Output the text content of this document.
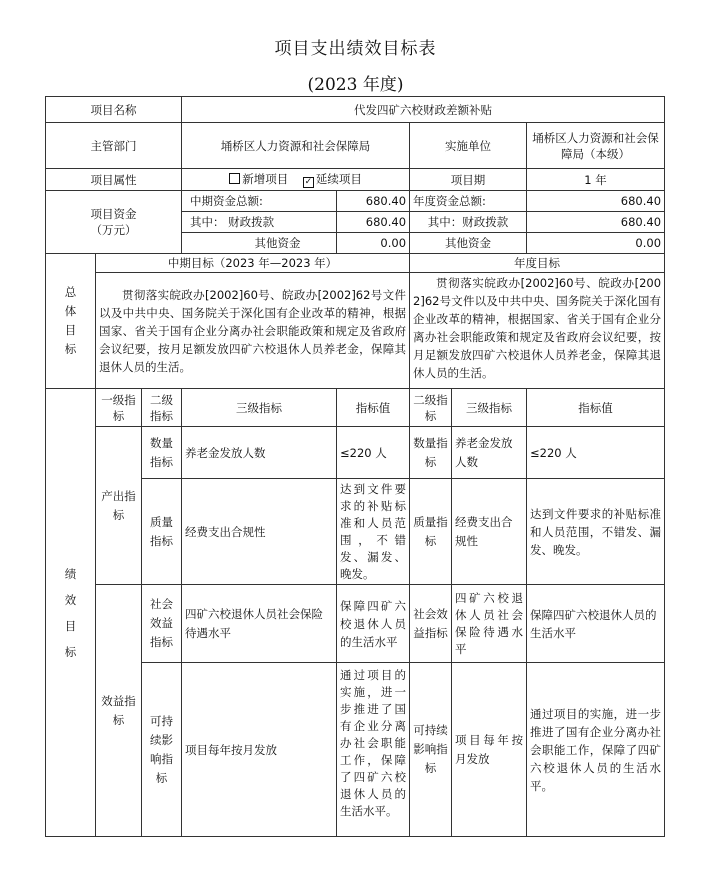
项目支出绩效目标表
(2023 年度)
项目名称			代发四矿六校财政差额补贴				
主管部门			埇桥区人力资源和社会保障局		实施单位		埇桥区人力资源和社会保障局（本级）
项目属性			新增项目 ✓ 延续项目		项目期		1 年
项目资金
（万元）			中期资金总额:	680.40	年度资金总额:		680.40
			其中： 财政拨款	680.40	其中：财政拨款		680.40
			其他资金	0.00	其他资金		0.00
总体目标	中期目标（2023 年—2023 年）				年度目标		
	贯彻落实皖政办[2002]60号、皖政办[2002]62号文件以及中共中央、国务院关于深化国有企业改革的精神，根据国家、省关于国有企业分离办社会职能政策和规定及省政府会议纪要，按月足额发放四矿六校退休人员养老金，保障其退休人员的生活。				贯彻落实皖政办[2002]60号、皖政办[2002]62号文件以及中共中央、国务院关于深化国有企业改革的精神，根据国家、省关于国有企业分离办社会职能政策和规定及省政府会议纪要，按月足额发放四矿六校退休人员养老金，保障其退休人员的生活。		
绩效目标	一级指标	二级指标	三级指标	指标值	二级指标	三级指标	指标值
	产出指标	数量指标	养老金发放人数	≤220 人	数量指标	养老金发放人数	≤220 人
		质量指标	经费支出合规性	达到文件要求的补贴标准和人员范围，不错发、漏发、晚发。	质量指标	经费支出合规性	达到文件要求的补贴标准和人员范围，不错发、漏发、晚发。
	效益指标	社会效益指标	四矿六校退休人员社会保险待遇水平	保障四矿六校退休人员的生活水平	社会效益指标	四矿六校退休人员社会保险待遇水平	保障四矿六校退休人员的生活水平
		可持续影响指标	项目每年按月发放	通过项目的实施，进一步推进了国有企业分离办社会职能工作，保障了四矿六校退休人员的生活水平。	可持续影响指标	项目每年按月发放	通过项目的实施，进一步推进了国有企业分离办社会职能工作，保障了四矿六校退休人员的生活水平。
